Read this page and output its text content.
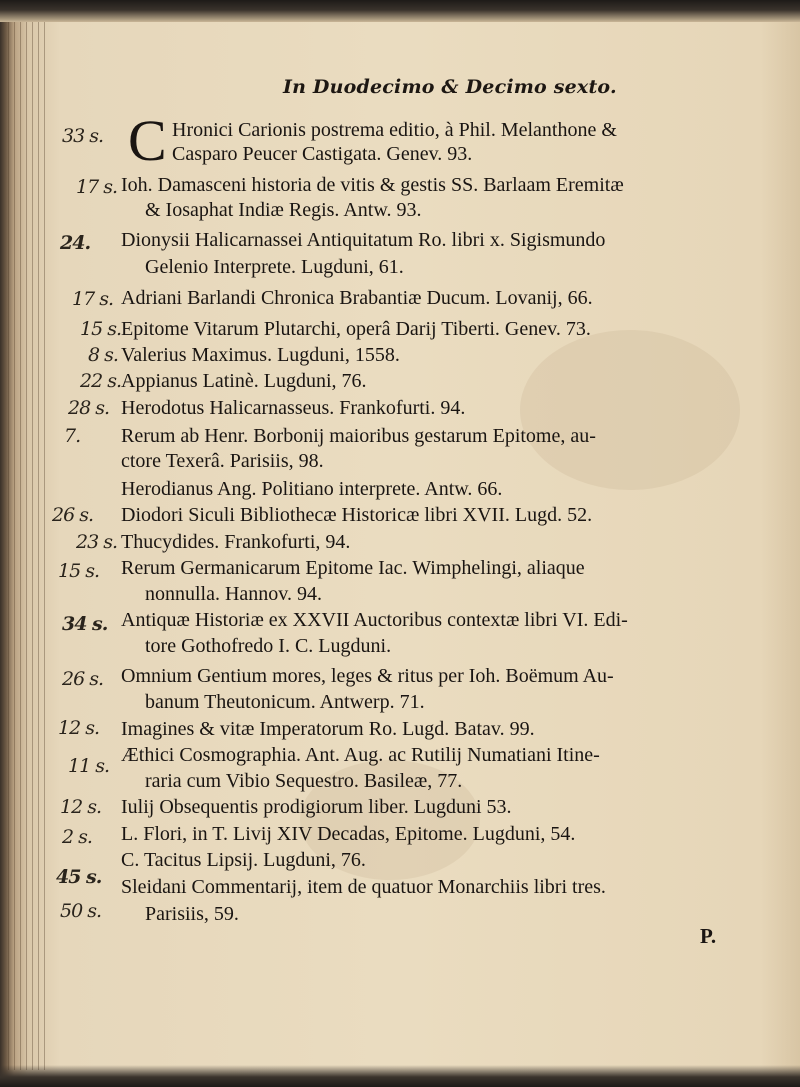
In Duodecimo & Decimo sexto.
C Hronici Carionis postrema editio, à Phil. Melanthone &
Casparo Peucer Castigata. Genev. 93.
Ioh. Damasceni historia de vitis & gestis SS. Barlaam Eremitæ
& Iosaphat Indiæ Regis. Antw. 93.
Dionysii Halicarnassei Antiquitatum Ro. libri x. Sigismundo
Gelenio Interprete. Lugduni, 61.
Adriani Barlandi Chronica Brabantiæ Ducum. Lovanij, 66.
Epitome Vitarum Plutarchi, operâ Darij Tiberti. Genev. 73.
Valerius Maximus. Lugduni, 1558.
Appianus Latinè. Lugduni, 76.
Herodotus Halicarnasseus. Frankofurti. 94.
Rerum ab Henr. Borbonij maioribus gestarum Epitome, au-
ctore Texerâ. Parisiis, 98.
Herodianus Ang. Politiano interprete. Antw. 66.
Diodori Siculi Bibliothecæ Historicæ libri XVII. Lugd. 52.
Thucydides. Frankofurti, 94.
Rerum Germanicarum Epitome Iac. Wimphelingi, aliaque
nonnulla. Hannov. 94.
Antiquæ Historiæ ex XXVII Auctoribus contextæ libri VI. Edi-
tore Gothofredo I. C. Lugduni.
Omnium Gentium mores, leges & ritus per Ioh. Boëmum Au-
banum Theutonicum. Antwerp. 71.
Imagines & vitæ Imperatorum Ro. Lugd. Batav. 99.
Æthici Cosmographia. Ant. Aug. ac Rutilij Numatiani Itine-
raria cum Vibio Sequestro. Basileæ, 77.
Iulij Obsequentis prodigiorum liber. Lugduni 53.
L. Flori, in T. Livij XIV Decadas, Epitome. Lugduni, 54.
C. Tacitus Lipsij. Lugduni, 76.
Sleidani Commentarij, item de quatuor Monarchiis libri tres.
Parisiis, 59.
33 s.
17 s.
24.
17 s.
15 s.
8 s.
22 s.
28 s.
7.
26 s.
23 s.
15 s.
34 s.
26 s.
12 s.
11 s.
12 s.
2 s.
45 s.
50 s.
P.
